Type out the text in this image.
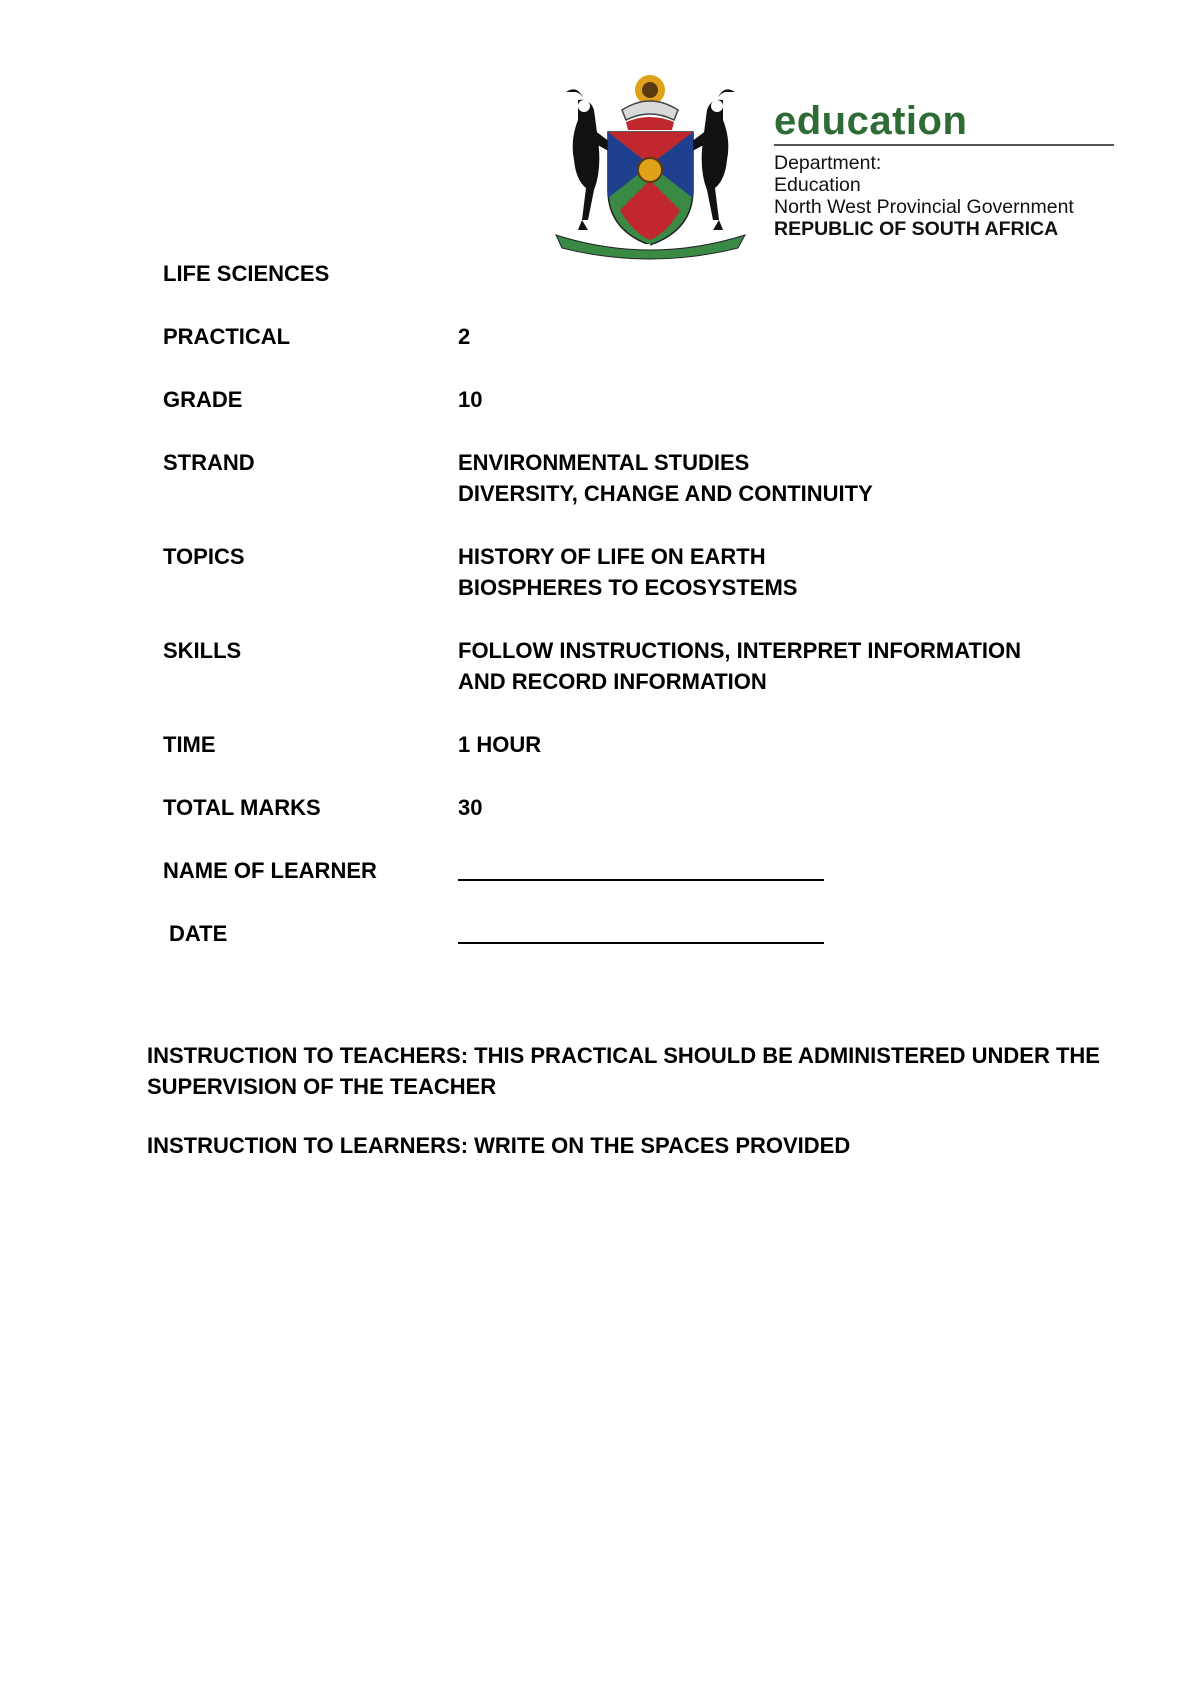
education
Department:
Education
North West Provincial Government
REPUBLIC OF SOUTH AFRICA
LIFE SCIENCES
PRACTICAL	2
GRADE	10
STRAND	ENVIRONMENTAL STUDIES
DIVERSITY, CHANGE AND CONTINUITY
TOPICS	HISTORY OF LIFE ON EARTH
BIOSPHERES TO ECOSYSTEMS
SKILLS	FOLLOW INSTRUCTIONS, INTERPRET INFORMATION
AND RECORD INFORMATION
TIME	1 HOUR
TOTAL MARKS	30
NAME OF LEARNER
DATE

INSTRUCTION TO TEACHERS: THIS PRACTICAL SHOULD BE ADMINISTERED UNDER THE SUPERVISION OF THE TEACHER

INSTRUCTION TO LEARNERS: WRITE ON THE SPACES PROVIDED
